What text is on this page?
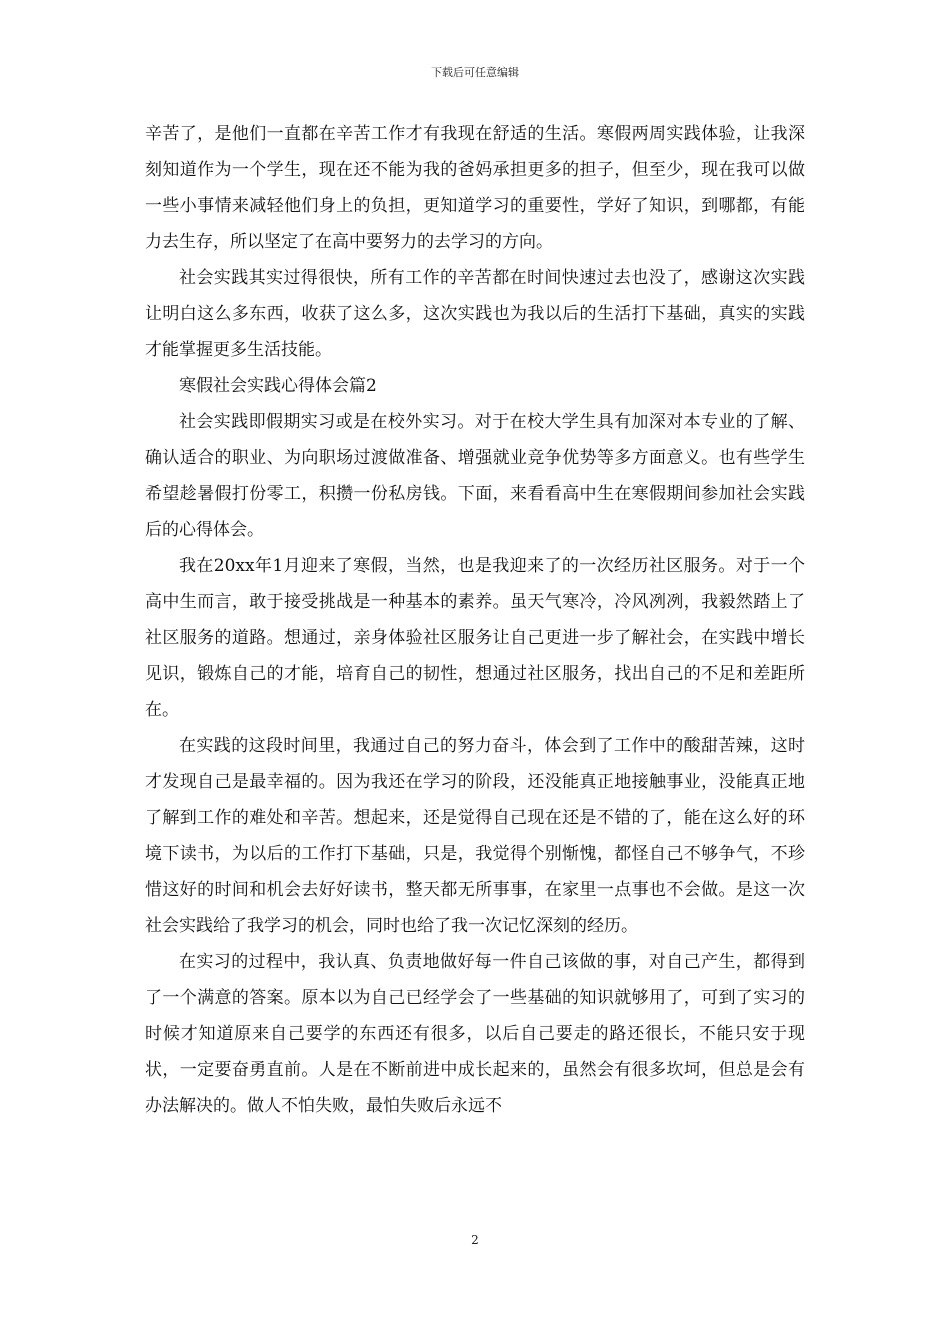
下载后可任意编辑

辛苦了，是他们一直都在辛苦工作才有我现在舒适的生活。寒假两周实践体验，让我深刻知道作为一个学生，现在还不能为我的爸妈承担更多的担子，但至少，现在我可以做一些小事情来减轻他们身上的负担，更知道学习的重要性，学好了知识，到哪都，有能力去生存，所以坚定了在高中要努力的去学习的方向。

社会实践其实过得很快，所有工作的辛苦都在时间快速过去也没了，感谢这次实践让明白这么多东西，收获了这么多，这次实践也为我以后的生活打下基础，真实的实践才能掌握更多生活技能。

寒假社会实践心得体会篇2

社会实践即假期实习或是在校外实习。对于在校大学生具有加深对本专业的了解、确认适合的职业、为向职场过渡做准备、增强就业竞争优势等多方面意义。也有些学生希望趁暑假打份零工，积攒一份私房钱。下面，来看看高中生在寒假期间参加社会实践后的心得体会。

我在20xx年1月迎来了寒假，当然，也是我迎来了的一次经历社区服务。对于一个高中生而言，敢于接受挑战是一种基本的素养。虽天气寒冷，冷风冽冽，我毅然踏上了社区服务的道路。想通过，亲身体验社区服务让自己更进一步了解社会，在实践中增长见识，锻炼自己的才能，培育自己的韧性，想通过社区服务，找出自己的不足和差距所在。

在实践的这段时间里，我通过自己的努力奋斗，体会到了工作中的酸甜苦辣，这时才发现自己是最幸福的。因为我还在学习的阶段，还没能真正地接触事业，没能真正地了解到工作的难处和辛苦。想起来，还是觉得自己现在还是不错的了，能在这么好的环境下读书，为以后的工作打下基础，只是，我觉得个别惭愧，都怪自己不够争气，不珍惜这好的时间和机会去好好读书，整天都无所事事，在家里一点事也不会做。是这一次社会实践给了我学习的机会，同时也给了我一次记忆深刻的经历。

在实习的过程中，我认真、负责地做好每一件自己该做的事，对自己产生，都得到了一个满意的答案。原本以为自己已经学会了一些基础的知识就够用了，可到了实习的时候才知道原来自己要学的东西还有很多，以后自己要走的路还很长，不能只安于现状，一定要奋勇直前。人是在不断前进中成长起来的，虽然会有很多坎坷，但总是会有办法解决的。做人不怕失败，最怕失败后永远不

2
